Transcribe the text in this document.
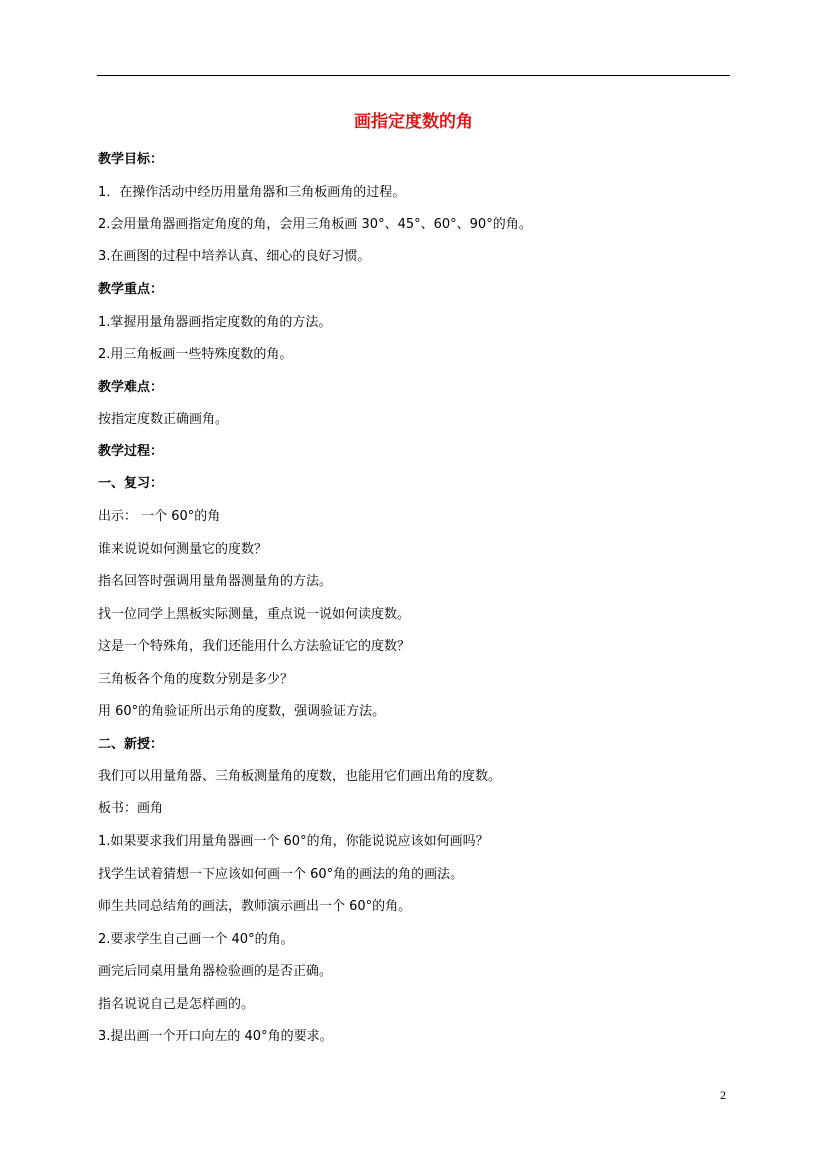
画指定度数的角
教学目标：
1．在操作活动中经历用量角器和三角板画角的过程。
2.会用量角器画指定角度的角，会用三角板画 30°、45°、60°、90°的角。
3.在画图的过程中培养认真、细心的良好习惯。
教学重点：
1.掌握用量角器画指定度数的角的方法。
2.用三角板画一些特殊度数的角。
教学难点：
按指定度数正确画角。
教学过程：
一、复习：
出示： 一个 60°的角
谁来说说如何测量它的度数？
指名回答时强调用量角器测量角的方法。
找一位同学上黑板实际测量，重点说一说如何读度数。
这是一个特殊角，我们还能用什么方法验证它的度数？
三角板各个角的度数分别是多少？
用 60°的角验证所出示角的度数，强调验证方法。
二、新授：
我们可以用量角器、三角板测量角的度数，也能用它们画出角的度数。
板书：画角
1.如果要求我们用量角器画一个 60°的角，你能说说应该如何画吗？
找学生试着猜想一下应该如何画一个 60°角的画法的角的画法。
师生共同总结角的画法，教师演示画出一个 60°的角。
2.要求学生自己画一个 40°的角。
画完后同桌用量角器检验画的是否正确。
指名说说自己是怎样画的。
3.提出画一个开口向左的 40°角的要求。
2
